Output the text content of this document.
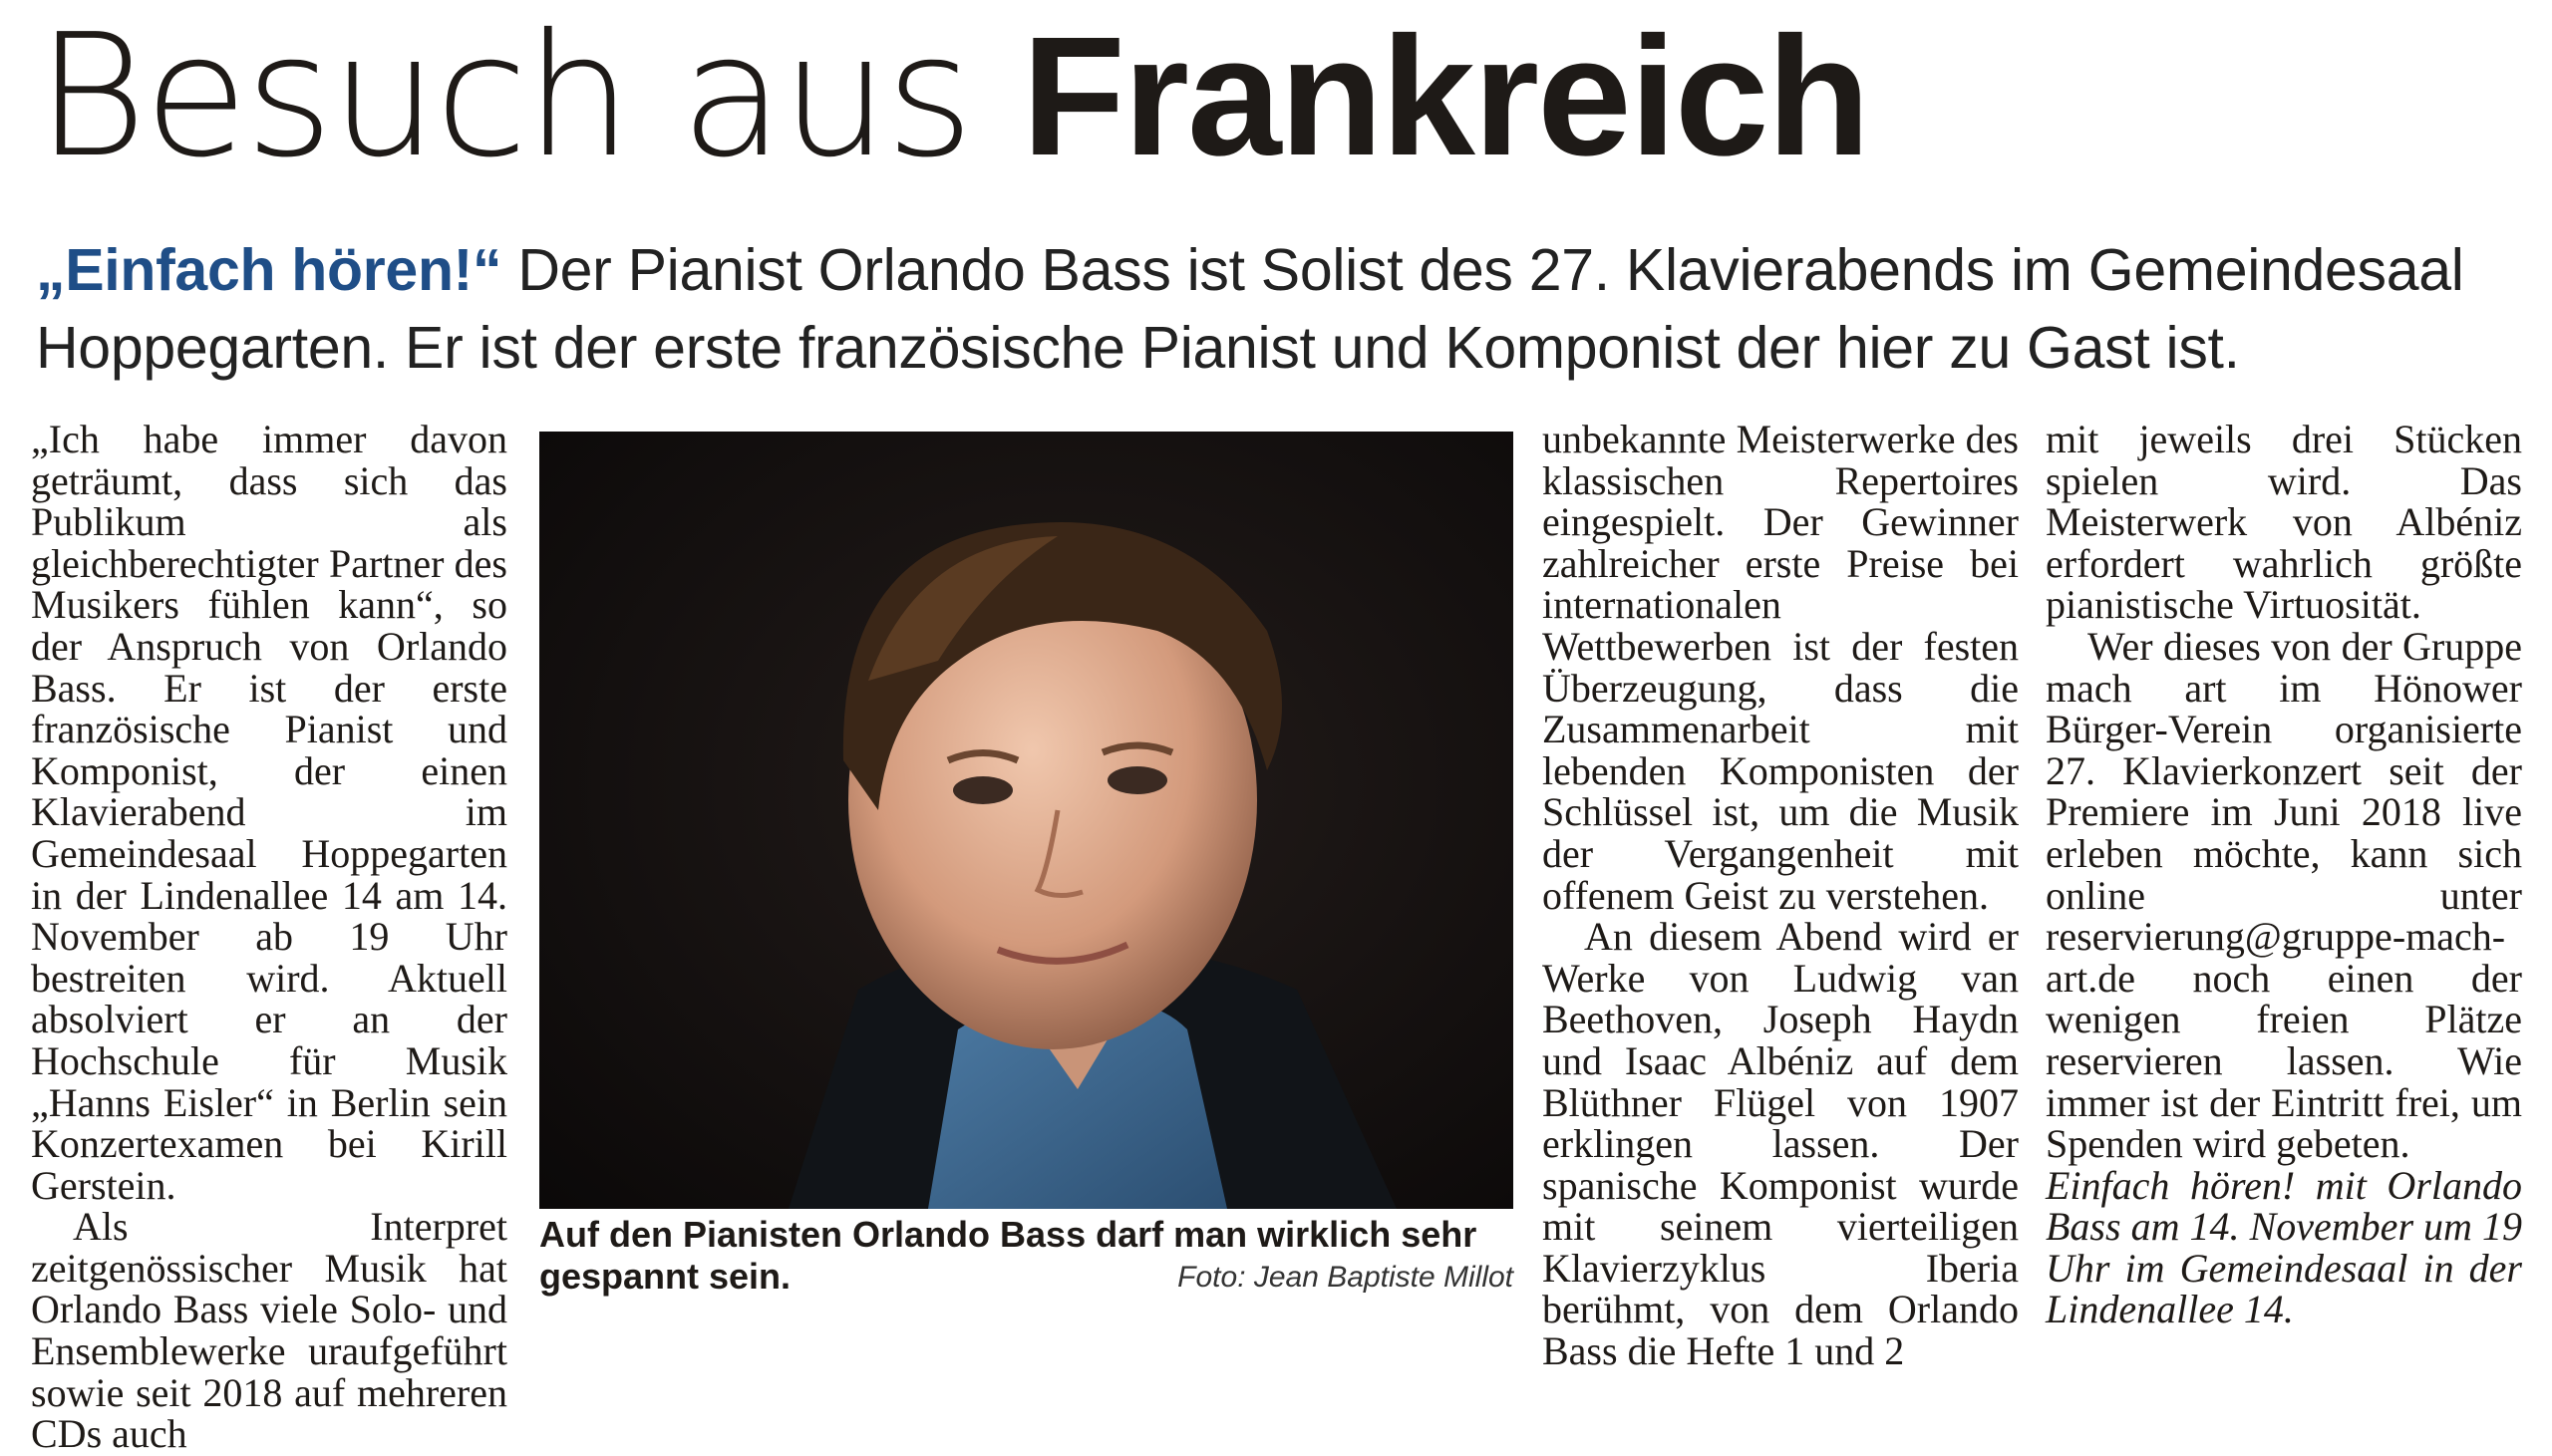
Besuch aus Frankreich

„Einfach hören!“ Der Pianist Orlando Bass ist Solist des 27. Klavierabends im Gemeindesaal Hoppegarten. Er ist der erste französische Pianist und Komponist der hier zu Gast ist.

„Ich habe immer davon geträumt, dass sich das Publikum als gleichberechtigter Partner des Musikers fühlen kann“, so der Anspruch von Orlando Bass. Er ist der erste französische Pianist und Komponist, der einen Klavierabend im Gemeindesaal Hoppegarten in der Lindenallee 14 am 14. November ab 19 Uhr bestreiten wird. Aktuell absolviert er an der Hochschule für Musik „Hanns Eisler“ in Berlin sein Konzertexamen bei Kirill Gerstein.

Als Interpret zeitgenössischer Musik hat Orlando Bass viele Solo- und Ensemblewerke uraufgeführt sowie seit 2018 auf mehreren CDs auch

Auf den Pianisten Orlando Bass darf man wirklich sehr gespannt sein.	Foto: Jean Baptiste Millot

unbekannte Meisterwerke des klassischen Repertoires eingespielt. Der Gewinner zahlreicher erste Preise bei internationalen Wettbewerben ist der festen Überzeugung, dass die Zusammenarbeit mit lebenden Komponisten der Schlüssel ist, um die Musik der Vergangenheit mit offenem Geist zu verstehen.

An diesem Abend wird er Werke von Ludwig van Beethoven, Joseph Haydn und Isaac Albéniz auf dem Blüthner Flügel von 1907 erklingen lassen. Der spanische Komponist wurde mit seinem vierteiligen Klavierzyklus Iberia berühmt, von dem Orlando Bass die Hefte 1 und 2

mit jeweils drei Stücken spielen wird. Das Meisterwerk von Albéniz erfordert wahrlich größte pianistische Virtuosität.

Wer dieses von der Gruppe mach art im Hönower Bürger-Verein organisierte 27. Klavierkonzert seit der Premiere im Juni 2018 live erleben möchte, kann sich online unter reservierung@gruppe-mach-art.de noch einen der wenigen freien Plätze reservieren lassen. Wie immer ist der Eintritt frei, um Spenden wird gebeten.

Einfach hören! mit Orlando Bass am 14. November um 19 Uhr im Gemeindesaal in der Lindenallee 14.
